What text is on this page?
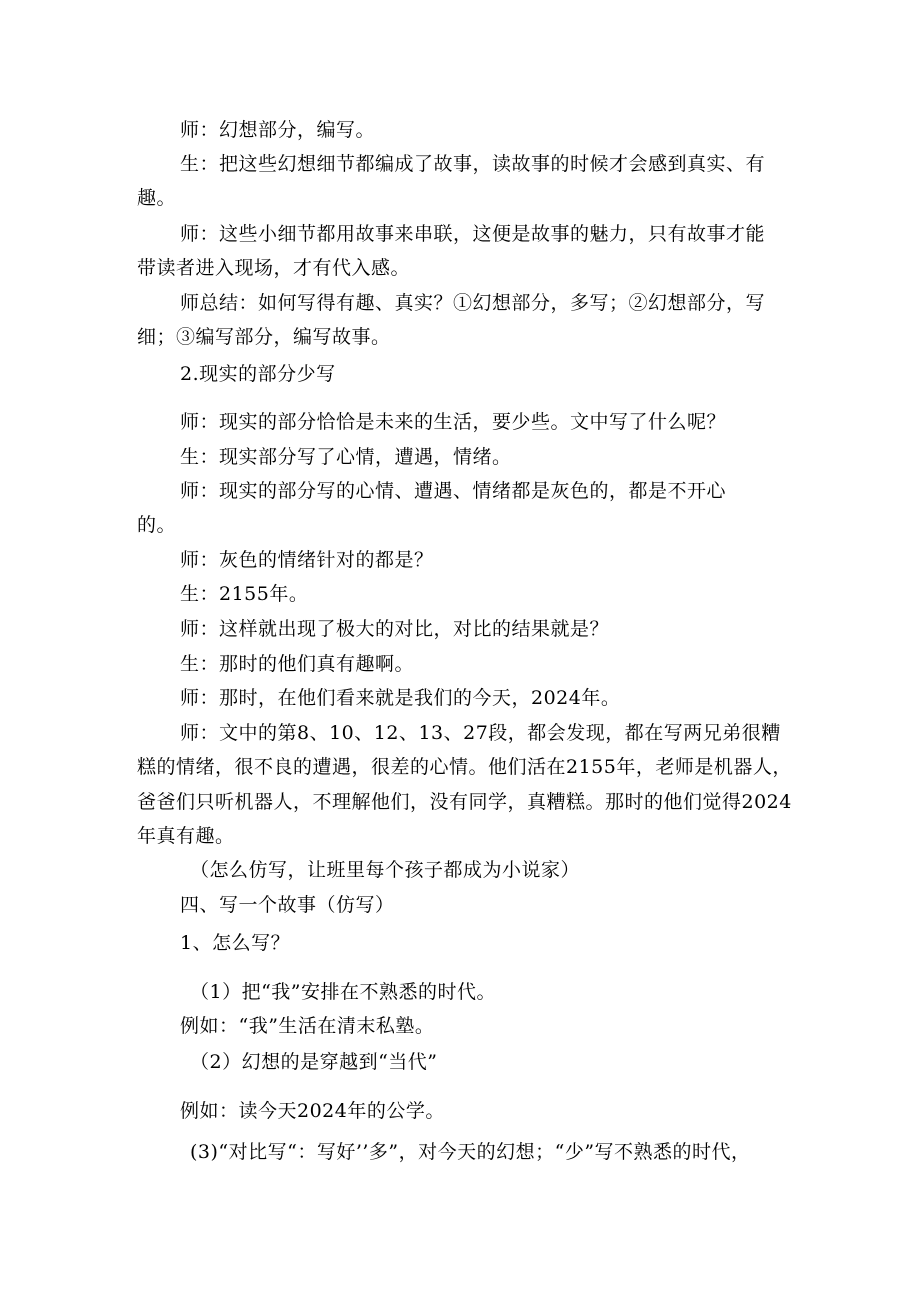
师：幻想部分，编写。
生：把这些幻想细节都编成了故事，读故事的时候才会感到真实、有
趣。
师：这些小细节都用故事来串联，这便是故事的魅力，只有故事才能
带读者进入现场，才有代入感。
师总结：如何写得有趣、真实？①幻想部分，多写；②幻想部分，写
细；③编写部分，编写故事。
2.现实的部分少写
师：现实的部分恰恰是未来的生活，要少些。文中写了什么呢？
生：现实部分写了心情，遭遇，情绪。
师：现实的部分写的心情、遭遇、情绪都是灰色的，都是不开心
的。
师：灰色的情绪针对的都是？
生：2155年。
师：这样就出现了极大的对比，对比的结果就是？
生：那时的他们真有趣啊。
师：那时，在他们看来就是我们的今天，2024年。
师：文中的第8、10、12、13、27段，都会发现，都在写两兄弟很糟
糕的情绪，很不良的遭遇，很差的心情。他们活在2155年，老师是机器人，
爸爸们只听机器人，不理解他们，没有同学，真糟糕。那时的他们觉得2024
年真有趣。
（怎么仿写，让班里每个孩子都成为小说家）
四、写一个故事（仿写）
1、怎么写？
（1）把“我”安排在不熟悉的时代。
例如：“我”生活在清末私塾。
（2）幻想的是穿越到“当代”
例如：读今天2024年的公学。
(3)“对比写“：写好’’多”，对今天的幻想；“少”写不熟悉的时代，
